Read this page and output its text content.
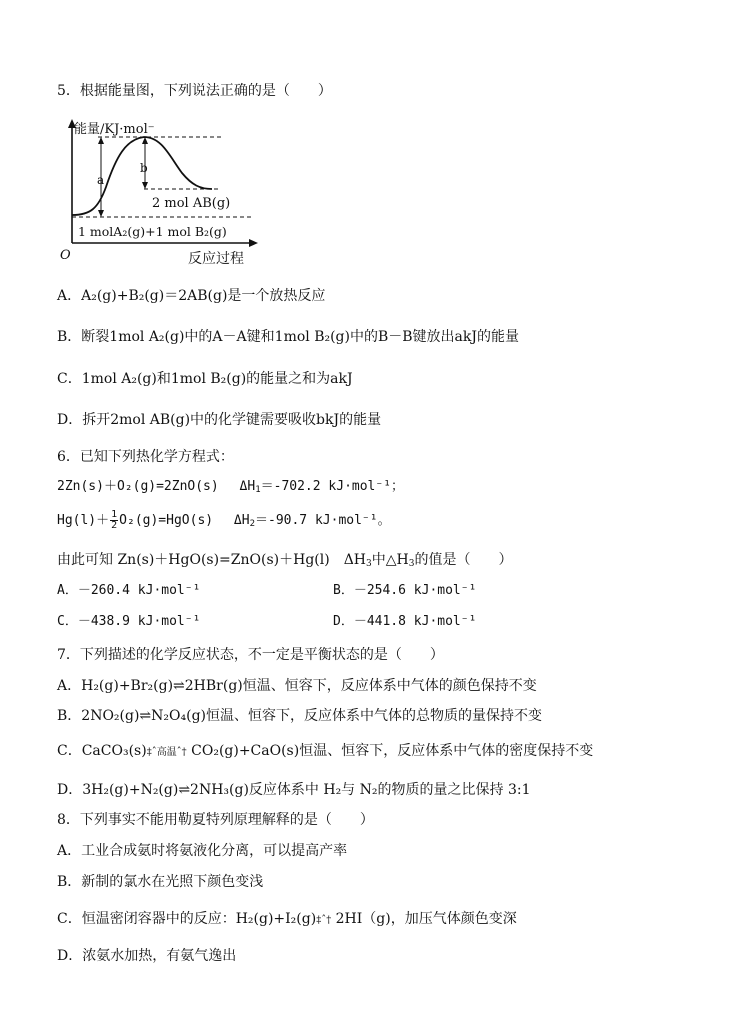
5．根据能量图，下列说法正确的是（　　）
能量/KJ·mol⁻
O	反应过程
a
b
2 mol AB(g)
1 molA₂(g)+1 mol B₂(g)
A．A₂(g)+B₂(g)＝2AB(g)是一个放热反应
B．断裂1mol A₂(g)中的A－A键和1mol B₂(g)中的B－B键放出akJ的能量
C．1mol A₂(g)和1mol B₂(g)的能量之和为akJ
D．拆开2mol AB(g)中的化学键需要吸收bkJ的能量
6．已知下列热化学方程式：
2Zn(s)＋O₂(g)=2ZnO(s)　 $\Delta H_1=-702.2$ kJ·mol⁻¹；
$Hg(l)+ \frac{1}{2} O_2(g)=HgO(s)$　 $\Delta H_2=-90.7$ kJ·mol⁻¹。
由此可知 Zn(s)＋HgO(s)=ZnO(s)＋Hg(l)　$\Delta H_3$中$\triangle H_3$的值是（　　）
A．－260.4 kJ·mol⁻¹	B．－254.6 kJ·mol⁻¹
C．－438.9 kJ·mol⁻¹	D．－441.8 kJ·mol⁻¹
7．下列描述的化学反应状态，不一定是平衡状态的是（　　）
A．H₂(g)+Br₂(g)⇌2HBr(g)恒温、恒容下，反应体系中气体的颜色保持不变
B．2NO₂(g)⇌N₂O₄(g)恒温、恒容下，反应体系中气体的总物质的量保持不变
C．CaCO₃(s)‡ˆ高温ˆ† CO₂(g)+CaO(s)恒温、恒容下，反应体系中气体的密度保持不变
D．3H₂(g)+N₂(g)⇌2NH₃(g)反应体系中 H₂与 N₂的物质的量之比保持 3:1
8．下列事实不能用勒夏特列原理解释的是（　　）
A．工业合成氨时将氨液化分离，可以提高产率
B．新制的氯水在光照下颜色变浅
C．恒温密闭容器中的反应：H₂(g)+I₂(g)‡ˆ† 2HI（g)，加压气体颜色变深
D．浓氨水加热，有氨气逸出
